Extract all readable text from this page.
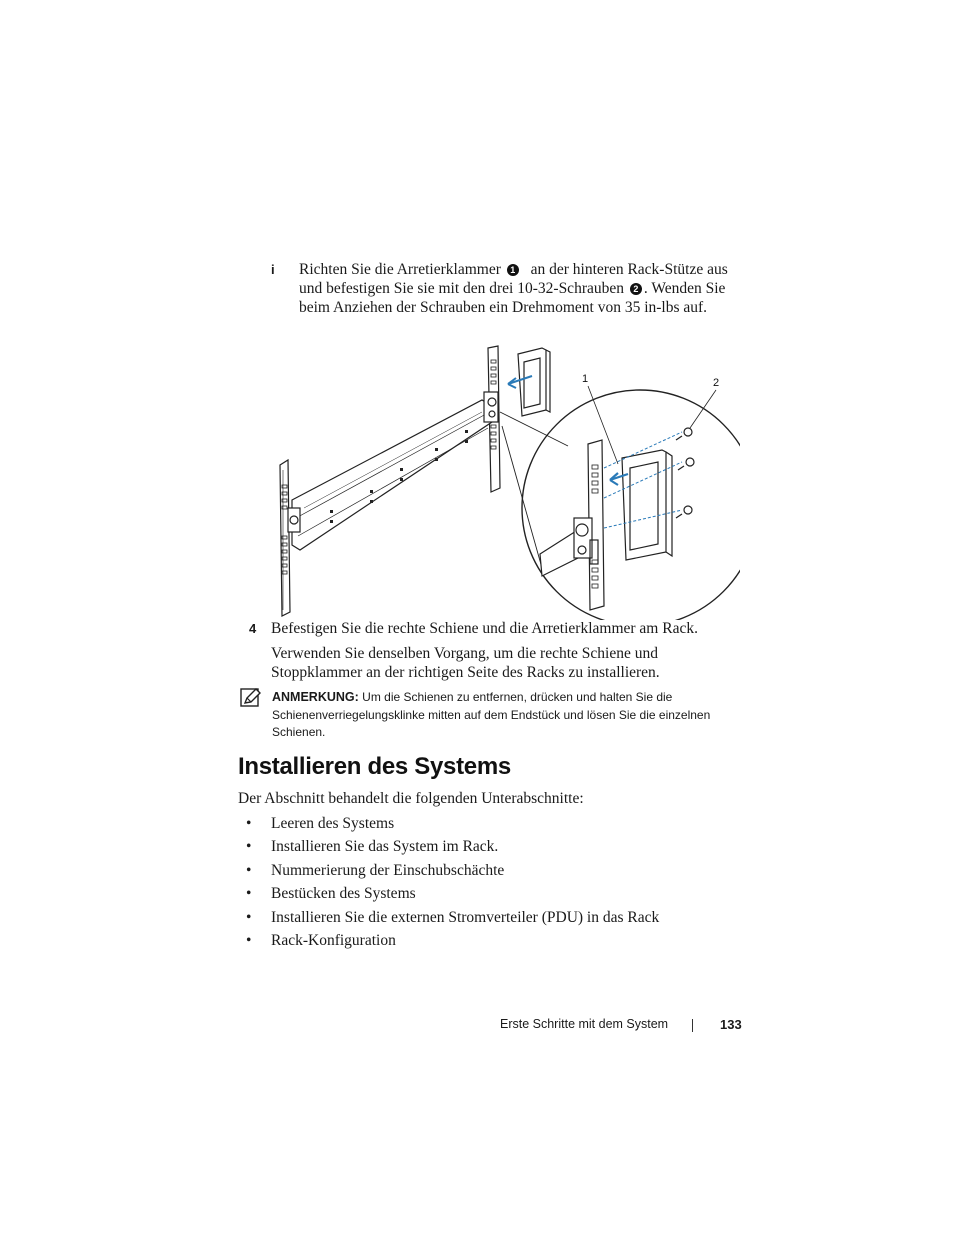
i Richten Sie die Arretierklammer 1 an der hinteren Rack-Stütze aus
und befestigen Sie sie mit den drei 10-32-Schrauben 2 . Wenden Sie
beim Anziehen der Schrauben ein Drehmoment von 35 in-lbs auf.
1	2
4 Befestigen Sie die rechte Schiene und die Arretierklammer am Rack.
Verwenden Sie denselben Vorgang, um die rechte Schiene und
Stoppklammer an der richtigen Seite des Racks zu installieren.
ANMERKUNG: Um die Schienen zu entfernen, drücken und halten Sie die
Schienenverriegelungsklinke mitten auf dem Endstück und lösen Sie die einzelnen
Schienen.
Installieren des Systems
Der Abschnitt behandelt die folgenden Unterabschnitte:
• Leeren des Systems
• Installieren Sie das System im Rack.
• Nummerierung der Einschubschächte
• Bestücken des Systems
• Installieren Sie die externen Stromverteiler (PDU) in das Rack
• Rack-Konfiguration
Erste Schritte mit dem System	133
